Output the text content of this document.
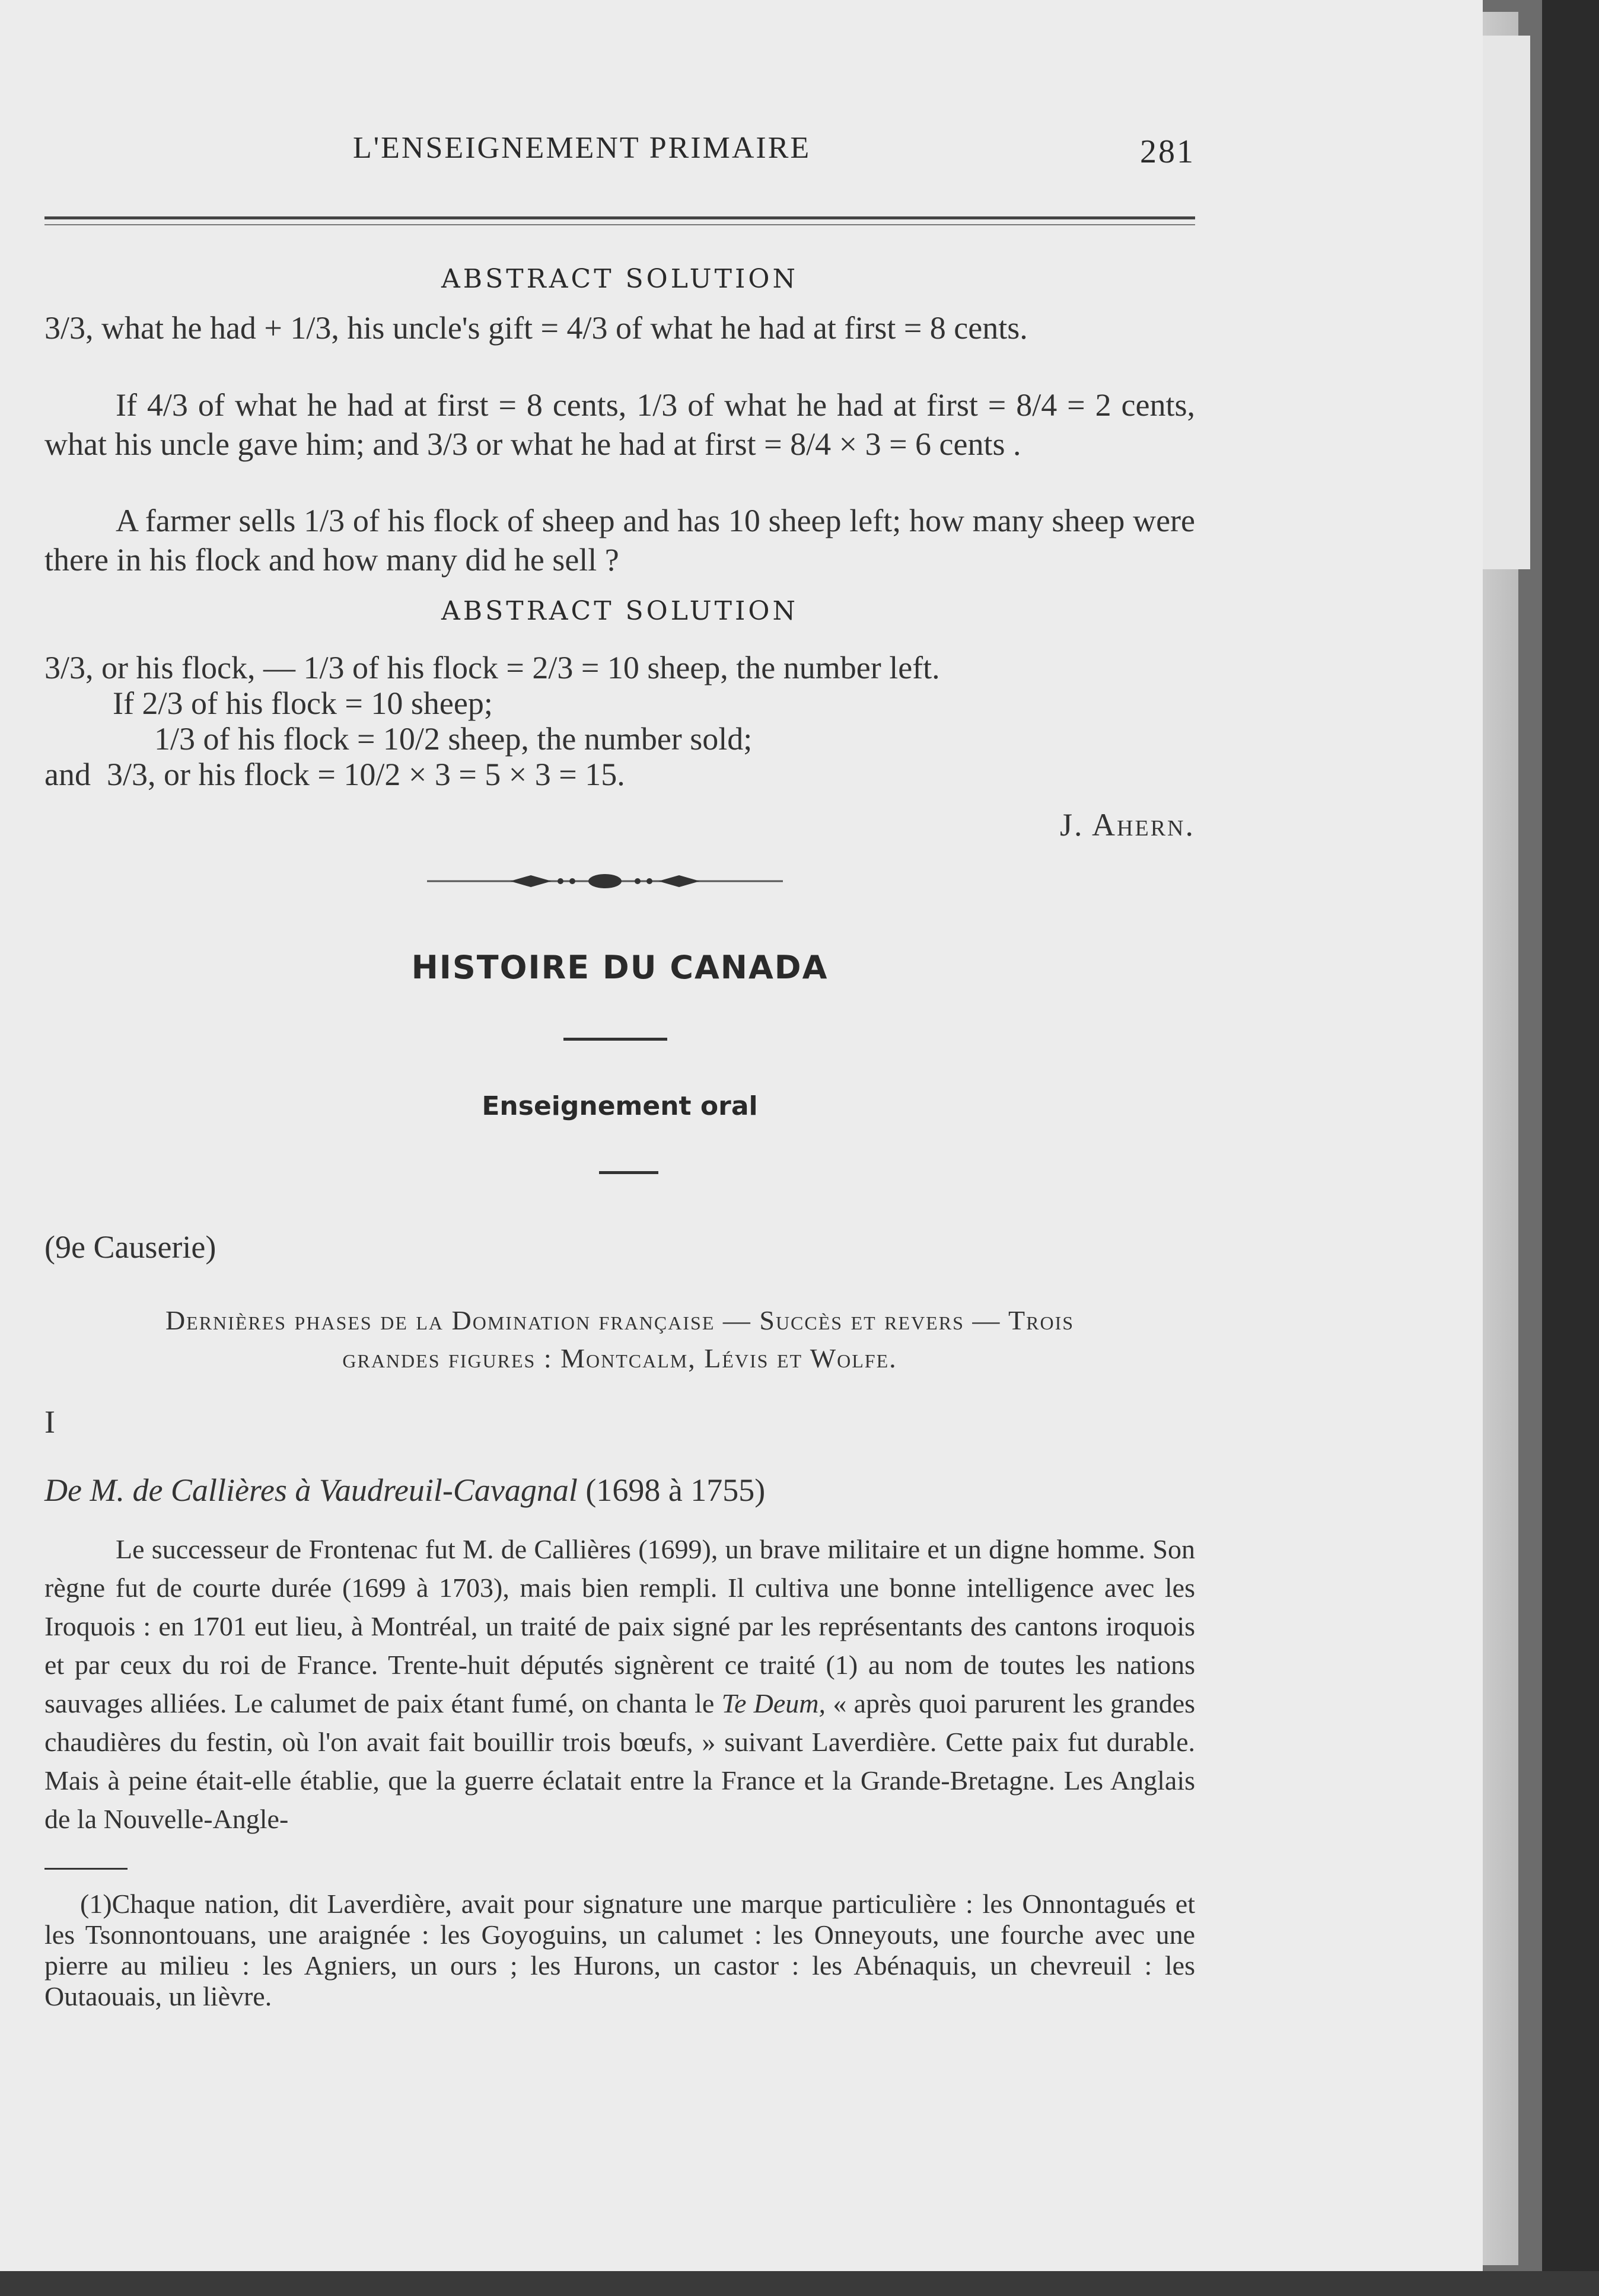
L'ENSEIGNEMENT PRIMAIRE	281
ABSTRACT SOLUTION
3/3, what he had + 1/3, his uncle's gift = 4/3 of what he had at first = 8 cents.
If 4/3 of what he had at first = 8 cents, 1/3 of what he had at first = 8/4 = 2 cents, what his uncle gave him; and 3/3 or what he had at first = 8/4 × 3 = 6 cents .
A farmer sells 1/3 of his flock of sheep and has 10 sheep left; how many sheep were there in his flock and how many did he sell ?
ABSTRACT SOLUTION
3/3, or his flock, — 1/3 of his flock = 2/3 = 10 sheep, the number left.
If 2/3 of his flock = 10 sheep;
1/3 of his flock = 10/2 sheep, the number sold;
and  3/3, or his flock = 10/2 × 3 = 5 × 3 = 15.
J. Ahern.
HISTOIRE DU CANADA
Enseignement oral
(9e Causerie)
Dernières phases de la Domination française — Succès et revers — Trois
grandes figures : Montcalm, Lévis et Wolfe.
I
De M. de Callières à Vaudreuil-Cavagnal (1698 à 1755)
Le successeur de Frontenac fut M. de Callières (1699), un brave militaire et un digne homme. Son règne fut de courte durée (1699 à 1703), mais bien rempli. Il cultiva une bonne intelligence avec les Iroquois : en 1701 eut lieu, à Montréal, un traité de paix signé par les représentants des cantons iroquois et par ceux du roi de France. Trente-huit députés signèrent ce traité (1) au nom de toutes les nations sauvages alliées. Le calumet de paix étant fumé, on chanta le Te Deum, « après quoi parurent les grandes chaudières du festin, où l'on avait fait bouillir trois bœufs, » suivant Laverdière. Cette paix fut durable. Mais à peine était-elle établie, que la guerre éclatait entre la France et la Grande-Bretagne. Les Anglais de la Nouvelle-Angle-
(1)Chaque nation, dit Laverdière, avait pour signature une marque particulière : les Onnontagués et les Tsonnontouans, une araignée : les Goyoguins, un calumet : les Onneyouts, une fourche avec une pierre au milieu : les Agniers, un ours ; les Hurons, un castor : les Abénaquis, un chevreuil : les Outaouais, un lièvre.
